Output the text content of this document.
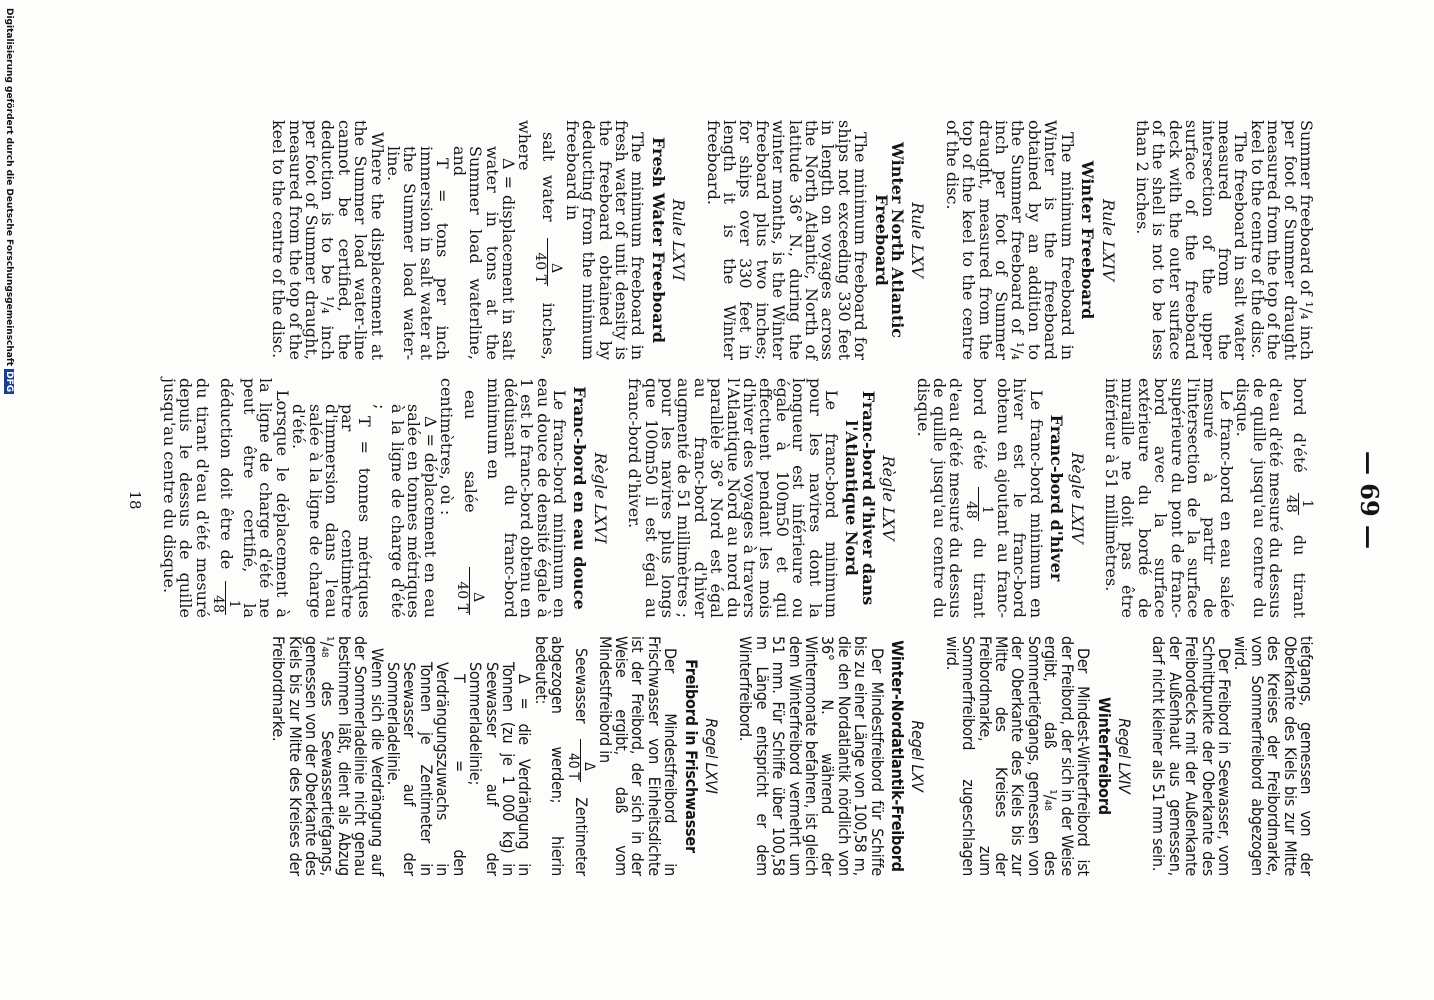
— 69 —

Summer freeboard of ¹/₄ inch per foot of Summer draught measured from the top of the keel to the centre of the disc.

The freeboard in salt water measured from the intersection of the upper surface of the freeboard deck with the outer surface of the shell is not to be less than 2 inches.

Rule LXIV
Winter Freeboard

The minimum freeboard in Winter is the freeboard obtained by an addition to the Summer freeboard of ¹/₄ inch per foot of Summer draught, measured from the top of the keel to the centre of the disc.

Rule LXV
Winter North Atlantic Freeboard

The minimum freeboard for ships not exceeding 330 feet in length on voyages across the North Atlantic, North of latitude 36° N., during the winter months, is the Winter freeboard plus two inches; for ships over 330 feet in length it is the Winter freeboard.

Rule LXVI
Fresh Water Freeboard

The minimum freeboard in fresh water of unit density is the freeboard obtained by deducting from the minimum freeboard in

salt water
Δ
40 T
inches, where

Δ = displacement in salt water in tons at the Summer load waterline, and

T = tons per inch immersion in salt water at the Summer load water-line.

Where the displacement at the Summer load water-line cannot be certified, the deduction is to be ¹/₄ inch per foot of Summer draught, measured from the top of the keel to the centre of the disc.

bord d'été
1
48
du tirant d'eau d'été mesuré du dessus de quille jusqu'au centre du disque.

Le franc-bord en eau salée mesuré à partir de l'intersection de la surface supérieure du pont de franc-bord avec la surface extérieure du bordé de muraille ne doit pas être inférieur à 51 millimètres.

Règle LXIV
Franc-bord d'hiver

Le franc-bord minimum en hiver est le franc-bord obtenu en ajoutant au franc-bord d'été
1
48
du tirant d'eau d'été mesuré du dessus de quille jusqu'au centre du disque.

Règle LXV
Franc-bord d'hiver dans l'Atlantique Nord

Le franc-bord minimum pour les navires dont la longueur est inférieure ou égale à 100m50 et qui effectuent pendant les mois d'hiver des voyages à travers l'Atlantique Nord au nord du parallèle 36° Nord est égal au franc-bord d'hiver augmenté de 51 millimètres ; pour les navires plus longs que 100m50 il est égal au franc-bord d'hiver.

Règle LXVI
Franc-bord en eau douce

Le franc-bord minimum en eau douce de densité égale à 1 est le franc-bord obtenu en déduisant du franc-bord minimum en

eau salée
Δ
40 T
centimètres, où :

Δ = déplacement en eau salée en tonnes métriques à la ligne de charge d'été ;

T = tonnes métriques par centimètre d'immersion dans l'eau salée à la ligne de charge d'été.

Lorsque le déplacement à la ligne de charge d'été ne peut être certifié, la déduction doit être de
1
48
du tirant d'eau d'été mesuré depuis le dessus de quille jusqu'au centre du disque.

tiefgangs, gemessen von der Oberkante des Kiels bis zur Mitte des Kreises der Freibordmarke, vom Sommerfreibord abgezogen wird.

Der Freibord in Seewasser, vom Schnittpunkte der Oberkante des Freibordecks mit der Außenkante der Außenhaut aus gemessen, darf nicht kleiner als 51 mm sein.

Regel LXIV
Winterfreibord

Der Mindest-Winterfreibord ist der Freibord, der sich in der Weise ergibt, daß ¹/₄₈ des Sommertiefgangs, gemessen von der Oberkante des Kiels bis zur Mitte des Kreises der Freibordmarke, zum Sommerfreibord zugeschlagen wird.

Regel LXV
Winter-Nordatlantik-Freibord

Der Mindestfreibord für Schiffe bis zu einer Länge von 100,58 m, die den Nordatlantik nördlich von 36° N. während der Wintermonate befahren, ist gleich dem Winterfreibord vermehrt um 51 mm. Für Schiffe über 100,58 m Länge entspricht er dem Winterfreibord.

Regel LXVI
Freibord in Frischwasser

Der Mindestfreibord in Frischwasser von Einheitsdichte ist der Freibord, der sich in der Weise ergibt, daß vom Mindestfreibord in

Seewasser
Δ
40 T
Zentimeter abgezogen werden; hierin bedeutet:

Δ = die Verdrängung in Tonnen (zu je 1 000 kg) in Seewasser auf der Sommerladelinie;

T = den Verdrängungszuwachs in Tonnen je Zentimeter in Seewasser auf der Sommerladelinie.

Wenn sich die Verdrängung auf der Sommerladelinie nicht genau bestimmen läßt, dient als Abzug ¹/₄₈ des Seewassertiefgangs, gemessen von der Oberkante des Kiels bis zur Mitte des Kreises der Freibordmarke.

18
Digitalisierung gefördert durch die Deutsche ForschungsgemeinschaftDFG
